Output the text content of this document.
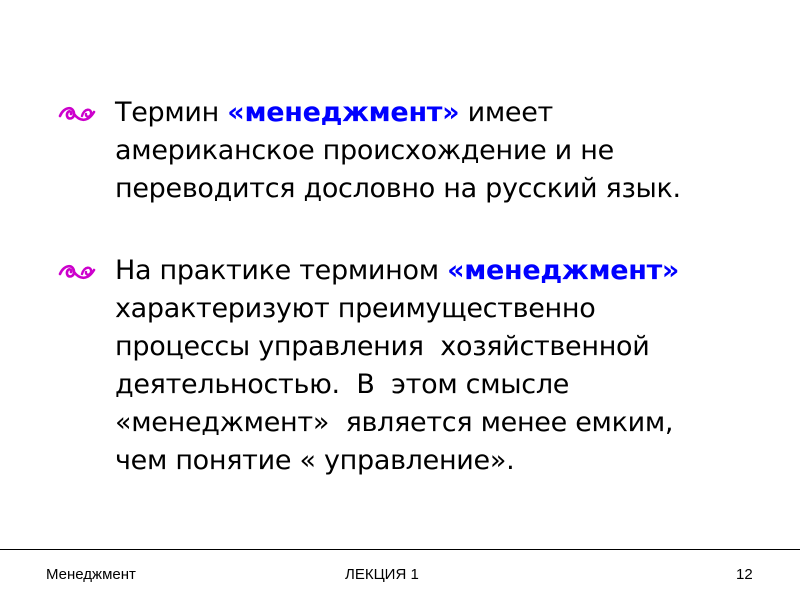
Термин «менеджмент» имеет
американское происхождение и не
переводится дословно на русский язык.
На практике термином «менеджмент»
характеризуют преимущественно
процессы управления  хозяйственной
деятельностью.  В  этом смысле
«менеджмент»  является менее емким,
чем понятие « управление».
Менеджмент	ЛЕКЦИЯ 1	12
